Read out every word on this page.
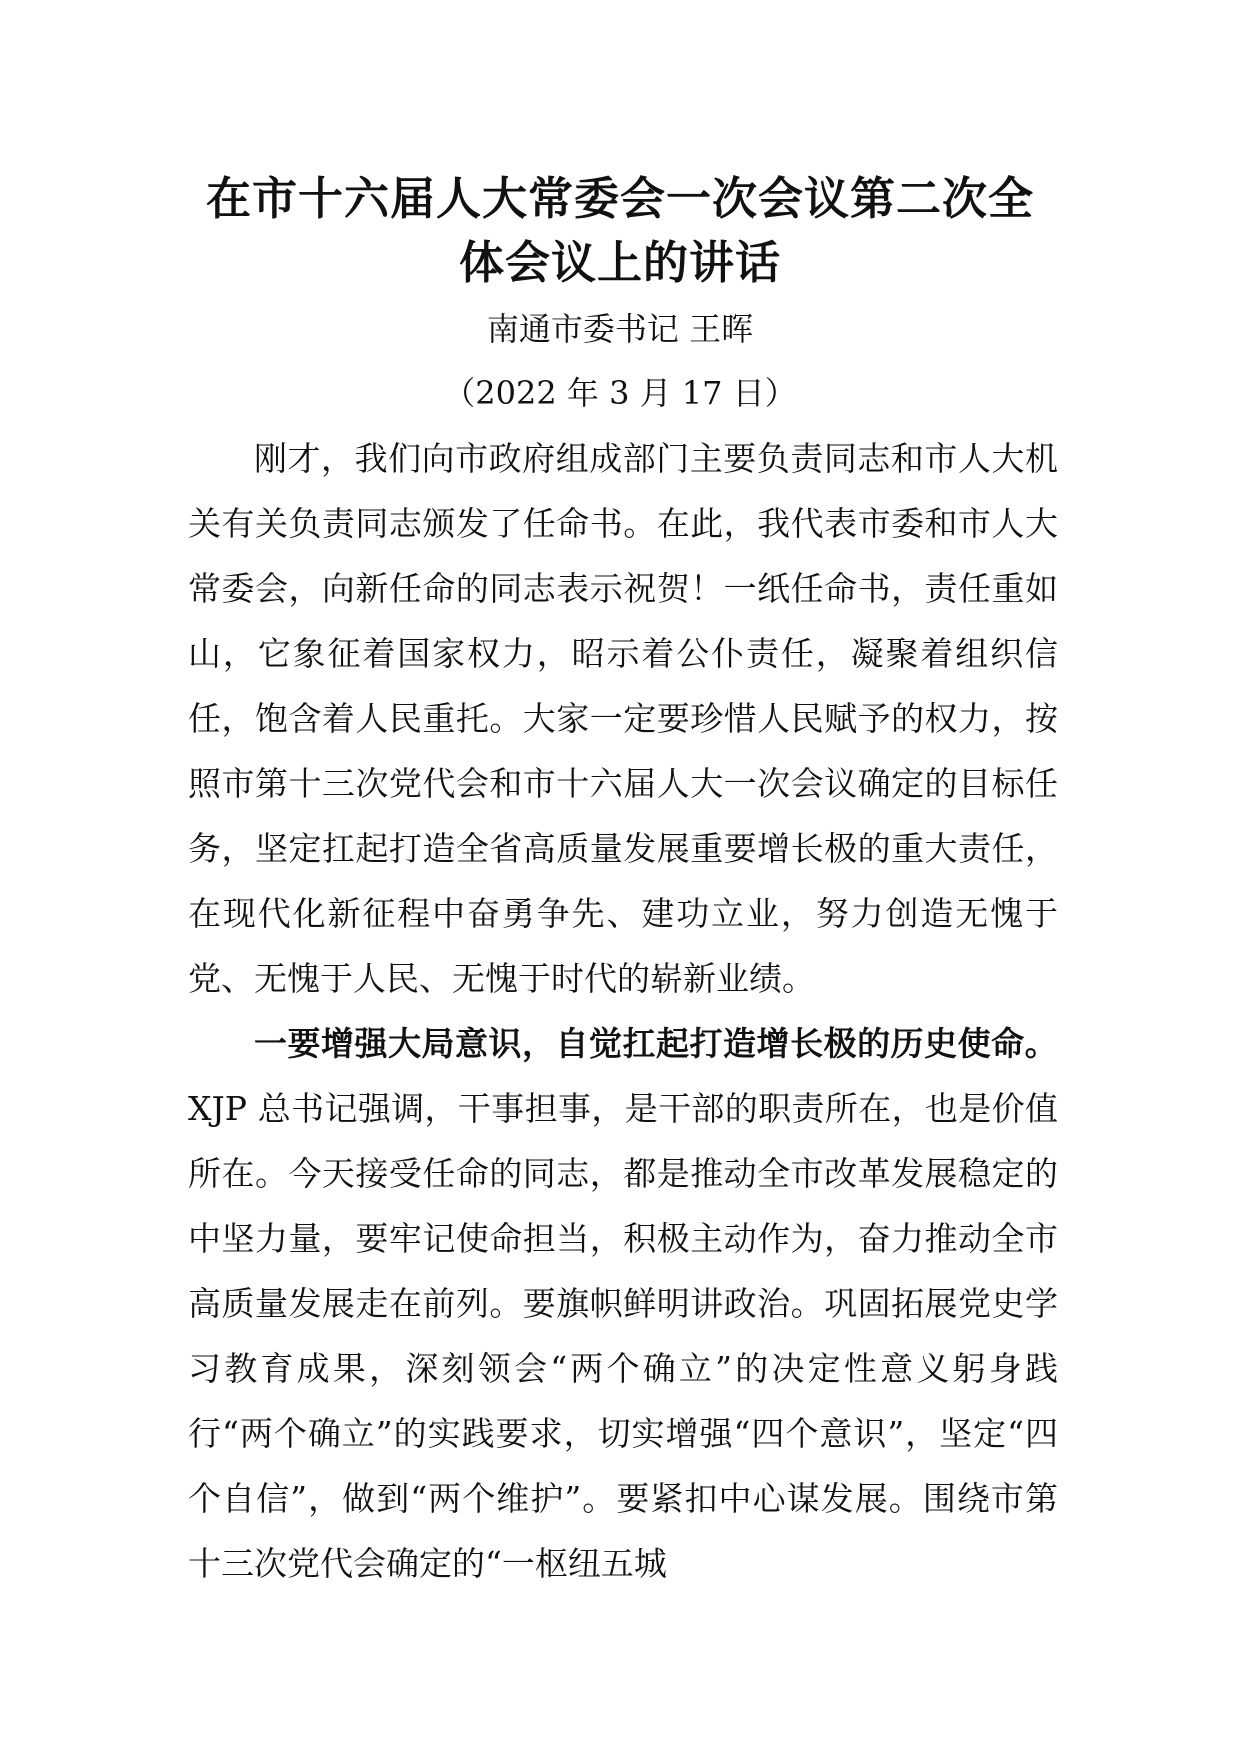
在市十六届人大常委会一次会议第二次全
体会议上的讲话

南通市委书记 王晖

（2022 年 3 月 17 日）

刚才，我们向市政府组成部门主要负责同志和市人大机关有关负责同志颁发了任命书。在此，我代表市委和市人大常委会，向新任命的同志表示祝贺！一纸任命书，责任重如山，它象征着国家权力，昭示着公仆责任，凝聚着组织信任，饱含着人民重托。大家一定要珍惜人民赋予的权力，按照市第十三次党代会和市十六届人大一次会议确定的目标任务，坚定扛起打造全省高质量发展重要增长极的重大责任，在现代化新征程中奋勇争先、建功立业，努力创造无愧于党、无愧于人民、无愧于时代的崭新业绩。

一要增强大局意识，自觉扛起打造增长极的历史使命。XJP 总书记强调，干事担事，是干部的职责所在，也是价值所在。今天接受任命的同志，都是推动全市改革发展稳定的中坚力量，要牢记使命担当，积极主动作为，奋力推动全市高质量发展走在前列。要旗帜鲜明讲政治。巩固拓展党史学习教育成果，深刻领会“两个确立”的决定性意义躬身践行“两个确立”的实践要求，切实增强“四个意识”，坚定“四个自信”，做到“两个维护”。要紧扣中心谋发展。围绕市第十三次党代会确定的“一枢纽五城
